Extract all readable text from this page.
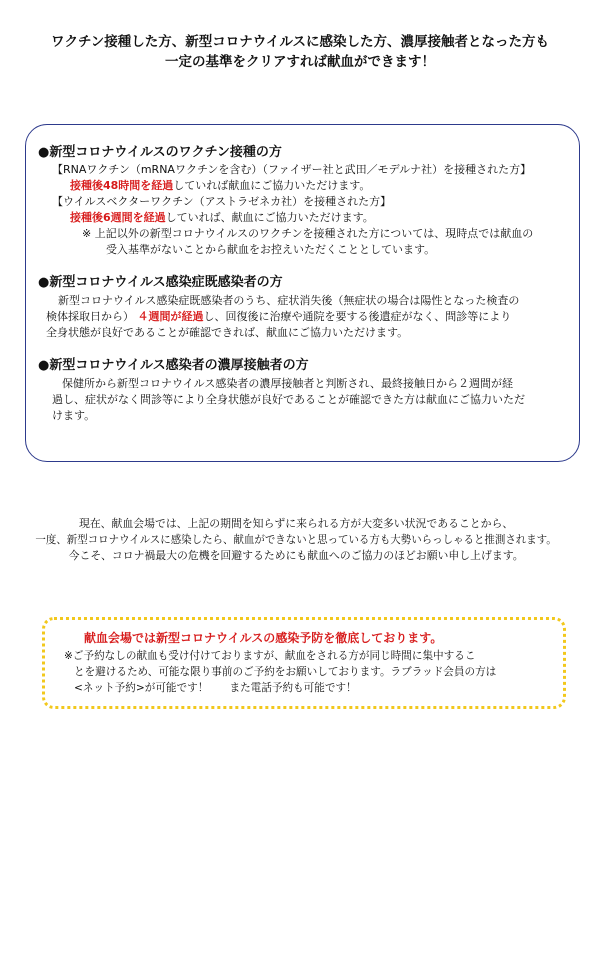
ワクチン接種した方、新型コロナウイルスに感染した方、濃厚接触者となった方も
一定の基準をクリアすれば献血ができます！
●新型コロナウイルスのワクチン接種の方
【RNAワクチン（mRNAワクチンを含む）（ファイザー社と武田／モデルナ社）を接種された方】
接種後48時間を経過していれば献血にご協力いただけます。
【ウイルスベクターワクチン（アストラゼネカ社）を接種された方】
接種後6週間を経過していれば、献血にご協力いただけます。
※ 上記以外の新型コロナウイルスのワクチンを接種された方については、現時点では献血の
受入基準がないことから献血をお控えいただくこととしています。
●新型コロナウイルス感染症既感染者の方
新型コロナウイルス感染症既感染者のうち、症状消失後（無症状の場合は陽性となった検査の
検体採取日から） ４週間が経過し、回復後に治療や通院を要する後遺症がなく、問診等により
全身状態が良好であることが確認できれば、献血にご協力いただけます。
●新型コロナウイルス感染者の濃厚接触者の方
保健所から新型コロナウイルス感染者の濃厚接触者と判断され、最終接触日から２週間が経
過し、症状がなく問診等により全身状態が良好であることが確認できた方は献血にご協力いただ
けます。
現在、献血会場では、上記の期間を知らずに来られる方が大変多い状況であることから、
一度、新型コロナウイルスに感染したら、献血ができないと思っている方も大勢いらっしゃると推測されます。
今こそ、コロナ禍最大の危機を回避するためにも献血へのご協力のほどお願い申し上げます。
献血会場では新型コロナウイルスの感染予防を徹底しております。
※ご予約なしの献血も受け付けておりますが、献血をされる方が同じ時間に集中するこ
とを避けるため、可能な限り事前のご予約をお願いしております。ラブラッド会員の方は
<ネット予約>が可能です！　　また電話予約も可能です！
